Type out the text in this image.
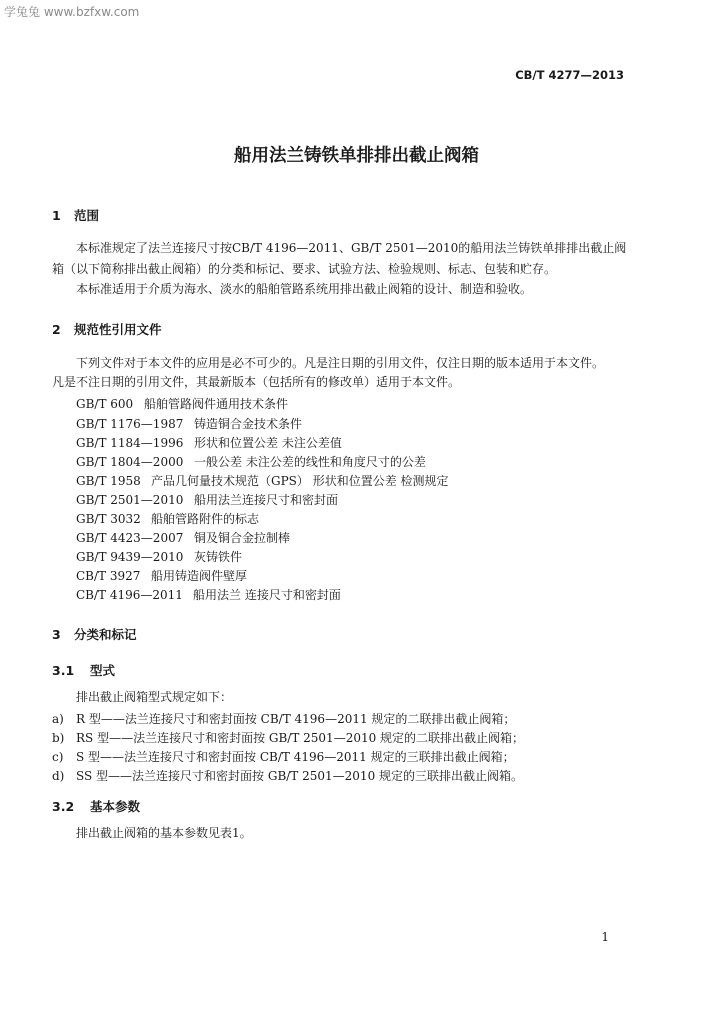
学兔兔 www.bzfxw.com
CB/T 4277—2013
船用法兰铸铁单排排出截止阀箱
1 范围
本标准规定了法兰连接尺寸按CB/T 4196—2011、GB/T 2501—2010的船用法兰铸铁单排排出截止阀
箱（以下简称排出截止阀箱）的分类和标记、要求、试验方法、检验规则、标志、包装和贮存。
本标准适用于介质为海水、淡水的船舶管路系统用排出截止阀箱的设计、制造和验收。
2 规范性引用文件
下列文件对于本文件的应用是必不可少的。凡是注日期的引用文件，仅注日期的版本适用于本文件。
凡是不注日期的引用文件，其最新版本（包括所有的修改单）适用于本文件。
GB/T 600 船舶管路阀件通用技术条件
GB/T 1176—1987 铸造铜合金技术条件
GB/T 1184—1996 形状和位置公差 未注公差值
GB/T 1804—2000 一般公差 未注公差的线性和角度尺寸的公差
GB/T 1958 产品几何量技术规范（GPS） 形状和位置公差 检测规定
GB/T 2501—2010 船用法兰连接尺寸和密封面
GB/T 3032 船舶管路附件的标志
GB/T 4423—2007 铜及铜合金拉制棒
GB/T 9439—2010 灰铸铁件
CB/T 3927 船用铸造阀件壁厚
CB/T 4196—2011 船用法兰 连接尺寸和密封面
3 分类和标记
3.1 型式
排出截止阀箱型式规定如下：
a) R 型——法兰连接尺寸和密封面按 CB/T 4196—2011 规定的二联排出截止阀箱；
b) RS 型——法兰连接尺寸和密封面按 GB/T 2501—2010 规定的二联排出截止阀箱；
c) S 型——法兰连接尺寸和密封面按 CB/T 4196—2011 规定的三联排出截止阀箱；
d) SS 型——法兰连接尺寸和密封面按 GB/T 2501—2010 规定的三联排出截止阀箱。
3.2 基本参数
排出截止阀箱的基本参数见表1。
1
